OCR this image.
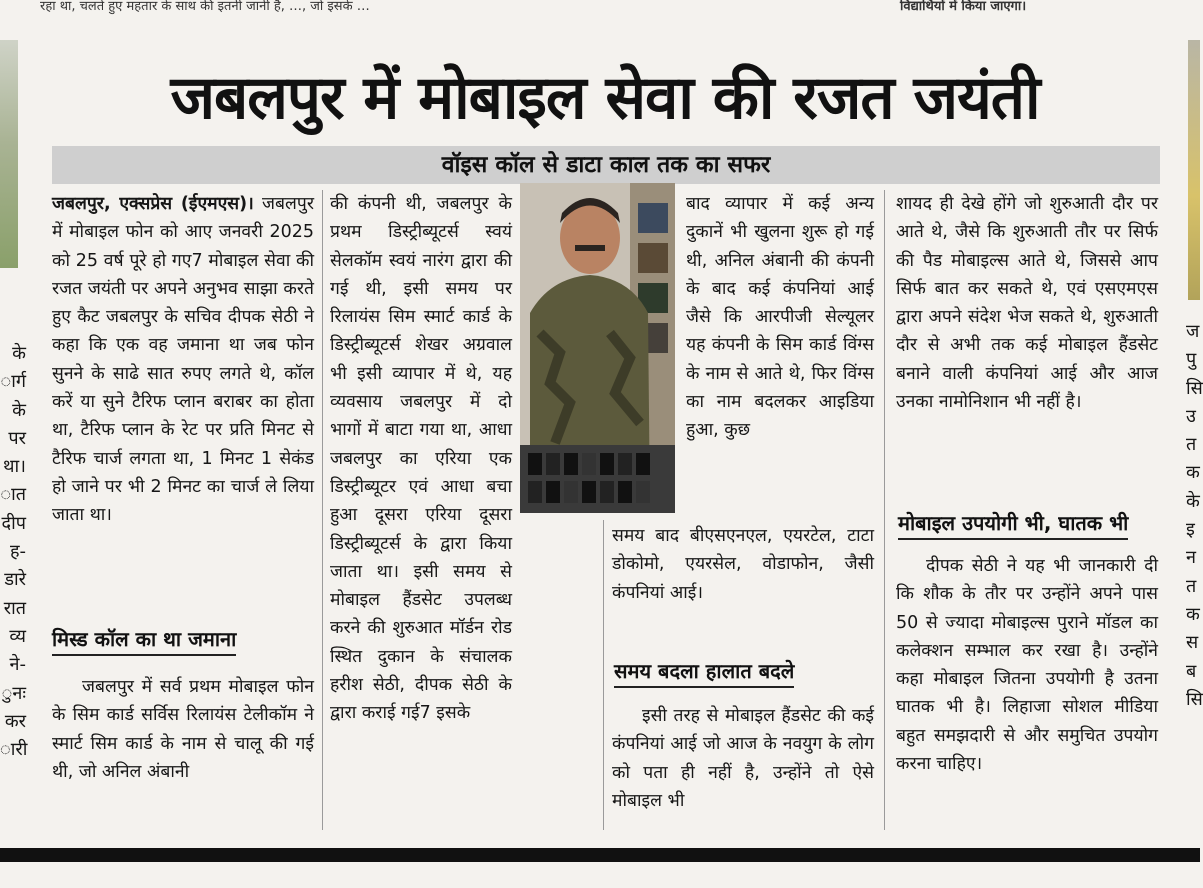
रहा था, चलते हुए महतार के साथ की इतनी जानी है, …, जो इसके …	विद्यार्थियों में किया जाएगा।
के
ार्ग
के
पर
था।
ात
दीप
ह-
डारे
रात
व्य
ने-
ुनः
कर
ारी
ज
पु
सि
उ
त
क
के
इ
न
त
क
स
ब
सि
जबलपुर में मोबाइल सेवा की रजत जयंती
वॉइस कॉल से डाटा काल तक का सफर
जबलपुर, एक्सप्रेस (ईएमएस)। जबलपुर में मोबाइल फोन को आए जनवरी 2025 को 25 वर्ष पूरे हो गए7 मोबाइल सेवा की रजत जयंती पर अपने अनुभव साझा करते हुए कैट जबलपुर के सचिव दीपक सेठी ने कहा कि एक वह जमाना था जब फोन सुनने के साढे सात रुपए लगते थे, कॉल करें या सुने टैरिफ प्लान बराबर का होता था, टैरिफ प्लान के रेट पर प्रति मिनट से टैरिफ चार्ज लगता था, 1 मिनट 1 सेकंड हो जाने पर भी 2 मिनट का चार्ज ले लिया जाता था।
मिस्ड कॉल का था जमाना
जबलपुर में सर्व प्रथम मोबाइल फोन के सिम कार्ड सर्विस रिलायंस टेलीकॉम ने स्मार्ट सिम कार्ड के नाम से चालू की गई थी, जो अनिल अंबानी
की कंपनी थी, जबलपुर के प्रथम डिस्ट्रीब्यूटर्स स्वयं सेलकॉम स्वयं नारंग द्वारा की गई थी, इसी समय पर रिलायंस सिम स्मार्ट कार्ड के डिस्ट्रीब्यूटर्स शेखर अग्रवाल भी इसी व्यापार में थे, यह व्यवसाय जबलपुर में दो भागों में बाटा गया था, आधा जबलपुर का एरिया एक डिस्ट्रीब्यूटर एवं आधा बचा हुआ दूसरा एरिया दूसरा डिस्ट्रीब्यूटर्स के द्वारा किया जाता था। इसी समय से मोबाइल हैंडसेट उपलब्ध करने की शुरुआत मॉर्डन रोड स्थित दुकान के संचालक हरीश सेठी, दीपक सेठी के द्वारा कराई गई7 इसके
बाद व्यापार में कई अन्य दुकानें भी खुलना शुरू हो गई थी, अनिल अंबानी की कंपनी के बाद कई कंपनियां आई जैसे कि आरपीजी सेल्यूलर यह कंपनी के सिम कार्ड विंग्स के नाम से आते थे, फिर विंग्स का नाम बदलकर आइडिया हुआ, कुछ
समय बाद बीएसएनएल, एयरटेल, टाटा डोकोमो, एयरसेल, वोडाफोन, जैसी कंपनियां आई।
समय बदला हालात बदले
इसी तरह से मोबाइल हैंडसेट की कई कंपनियां आई जो आज के नवयुग के लोग को पता ही नहीं है, उन्होंने तो ऐसे मोबाइल भी
शायद ही देखे होंगे जो शुरुआती दौर पर आते थे, जैसे कि शुरुआती तौर पर सिर्फ की पैड मोबाइल्स आते थे, जिससे आप सिर्फ बात कर सकते थे, एवं एसएमएस द्वारा अपने संदेश भेज सकते थे, शुरुआती दौर से अभी तक कई मोबाइल हैंडसेट बनाने वाली कंपनियां आई और आज उनका नामोनिशान भी नहीं है।
मोबाइल उपयोगी भी, घातक भी
दीपक सेठी ने यह भी जानकारी दी कि शौक के तौर पर उन्होंने अपने पास 50 से ज्यादा मोबाइल्स पुराने मॉडल का कलेक्शन सम्भाल कर रखा है। उन्होंने कहा मोबाइल जितना उपयोगी है उतना घातक भी है। लिहाजा सोशल मीडिया बहुत समझदारी से और समुचित उपयोग करना चाहिए।
